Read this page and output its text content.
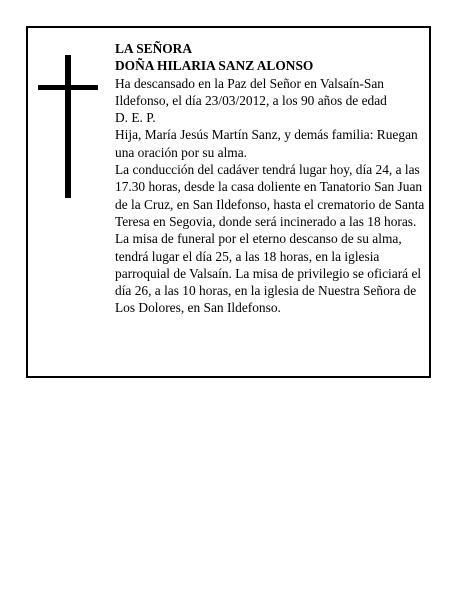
LA SEÑORA

DOÑA HILARIA SANZ ALONSO

Ha descansado en la Paz del Señor en Valsaín-San Ildefonso, el día 23/03/2012, a los 90 años de edad

D. E. P.

Hija, María Jesús Martín Sanz, y demás familia: Ruegan una oración por su alma.

La conducción del cadáver tendrá lugar hoy, día 24, a las 17.30 horas, desde la casa doliente en Tanatorio San Juan de la Cruz, en San Ildefonso, hasta el crematorio de Santa Teresa en Segovia, donde será incinerado a las 18 horas.

La misa de funeral por el eterno descanso de su alma, tendrá lugar el día 25, a las 18 horas, en la iglesia parroquial de Valsaín. La misa de privilegio se oficiará el día 26, a las 10 horas, en la iglesia de Nuestra Señora de Los Dolores, en San Ildefonso.
